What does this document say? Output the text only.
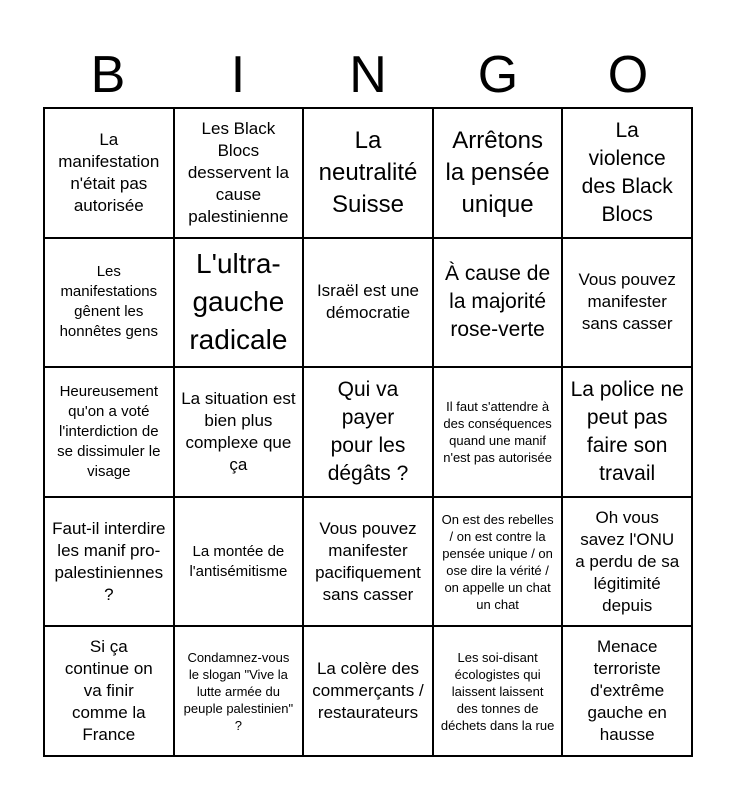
B	I	N	G	O
La manifestation n'était pas autorisée
Les Black Blocs desservent la cause palestinienne
La neutralité Suisse
Arrêtons la pensée unique
La violence des Black Blocs
Les manifestations gênent les honnêtes gens
L'ultra-gauche radicale
Israël est une démocratie
À cause de la majorité rose-verte
Vous pouvez manifester sans casser
Heureusement qu'on a voté l'interdiction de se dissimuler le visage
La situation est bien plus complexe que ça
Qui va payer pour les dégâts ?
Il faut s'attendre à des conséquences quand une manif n'est pas autorisée
La police ne peut pas faire son travail
Faut-il interdire les manif pro-palestiniennes ?
La montée de l'antisémitisme
Vous pouvez manifester pacifiquement sans casser
On est des rebelles / on est contre la pensée unique / on ose dire la vérité / on appelle un chat un chat
Oh vous savez l'ONU a perdu de sa légitimité depuis
Si ça continue on va finir comme la France
Condamnez-vous le slogan "Vive la lutte armée du peuple palestinien" ?
La colère des commerçants / restaurateurs
Les soi-disant écologistes qui laissent laissent des tonnes de déchets dans la rue
Menace terroriste d'extrême gauche en hausse
